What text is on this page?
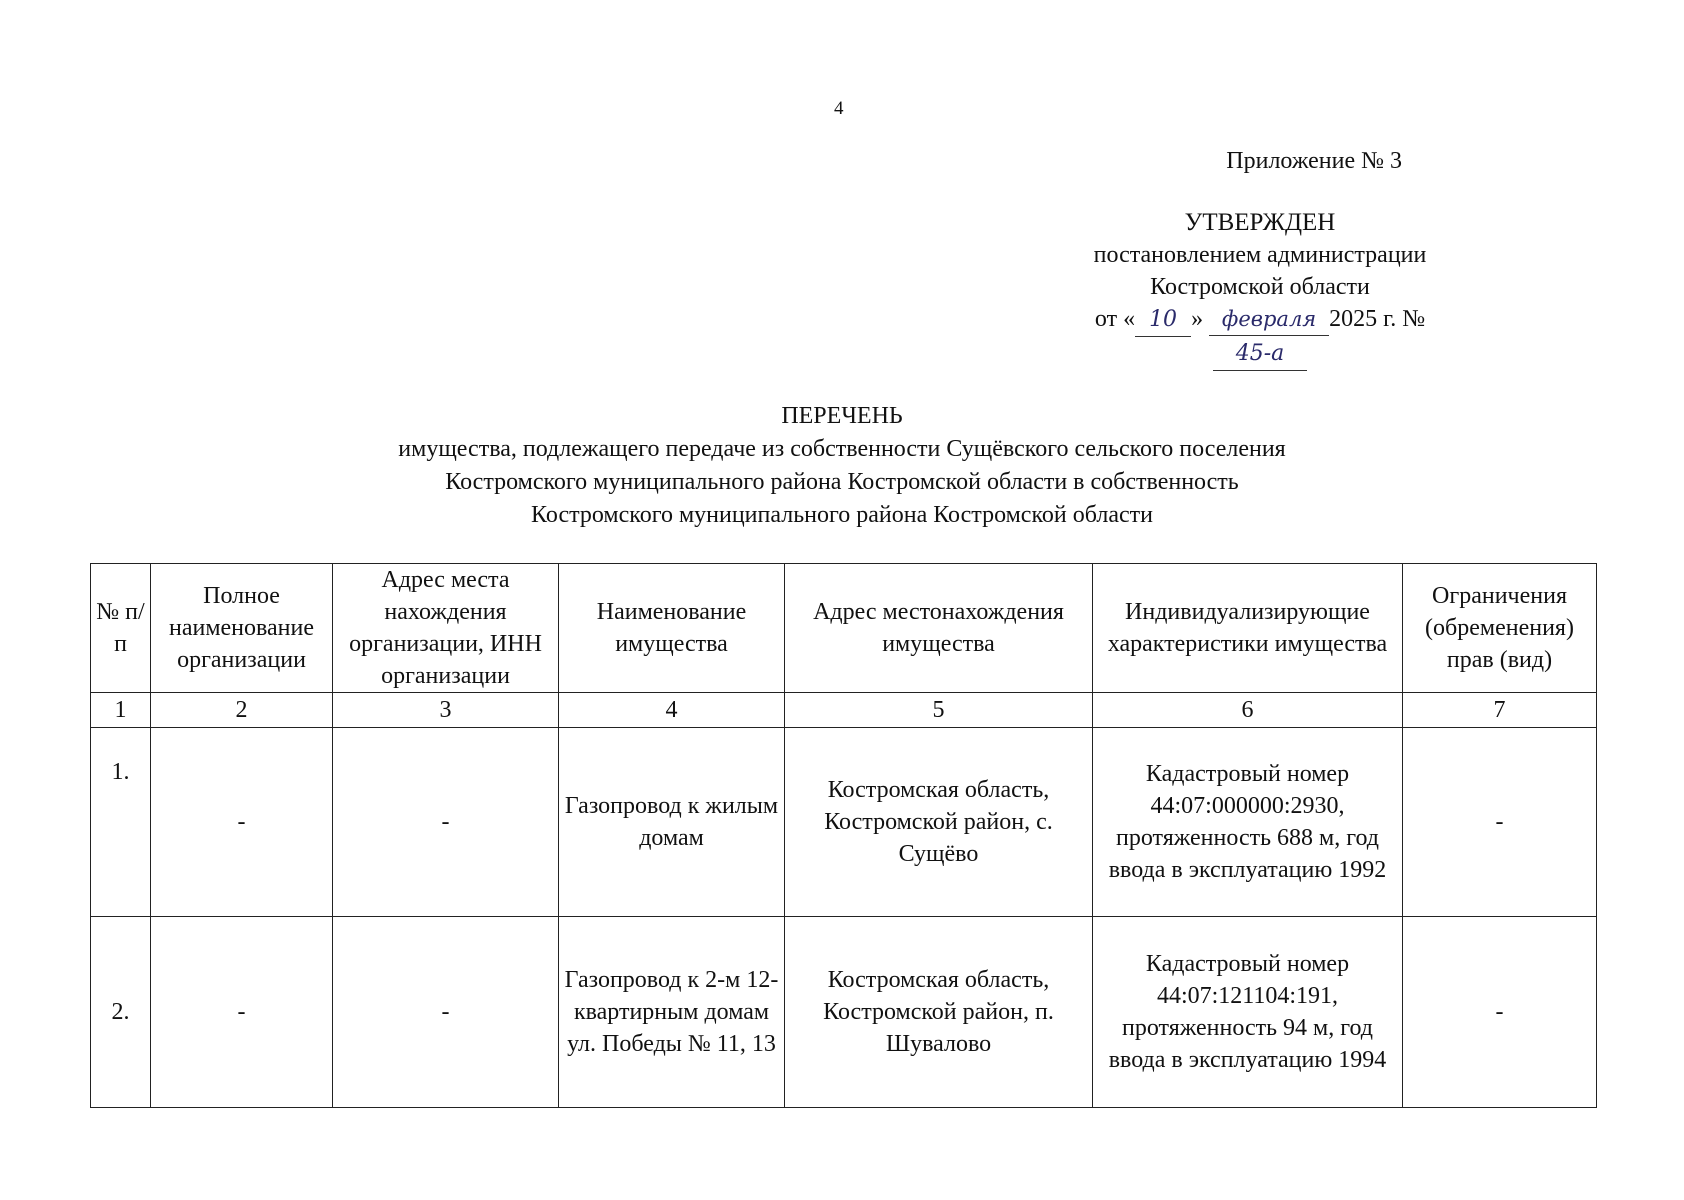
4
Приложение № 3
УТВЕРЖДЕН
постановлением администрации
Костромской области
от « 10 » февраля 2025 г. № 45-а
ПЕРЕЧЕНЬ
имущества, подлежащего передаче из собственности Сущёвского сельского поселения
Костромского муниципального района Костромской области в собственность
Костромского муниципального района Костромской области
№ п/п	Полное наименование организации	Адрес места нахождения организации, ИНН организации	Наименование имущества	Адрес местонахождения имущества	Индивидуализирующие характеристики имущества	Ограничения (обременения) прав (вид)
1	2	3	4	5	6	7
1.	-	-	Газопровод к жилым домам	Костромская область, Костромской район, с. Сущёво	Кадастровый номер 44:07:000000:2930, протяженность 688 м, год ввода в эксплуатацию 1992	-
2.	-	-	Газопровод к 2-м 12-квартирным домам ул. Победы № 11, 13	Костромская область, Костромской район, п. Шувалово	Кадастровый номер 44:07:121104:191, протяженность 94 м, год ввода в эксплуатацию 1994	-
